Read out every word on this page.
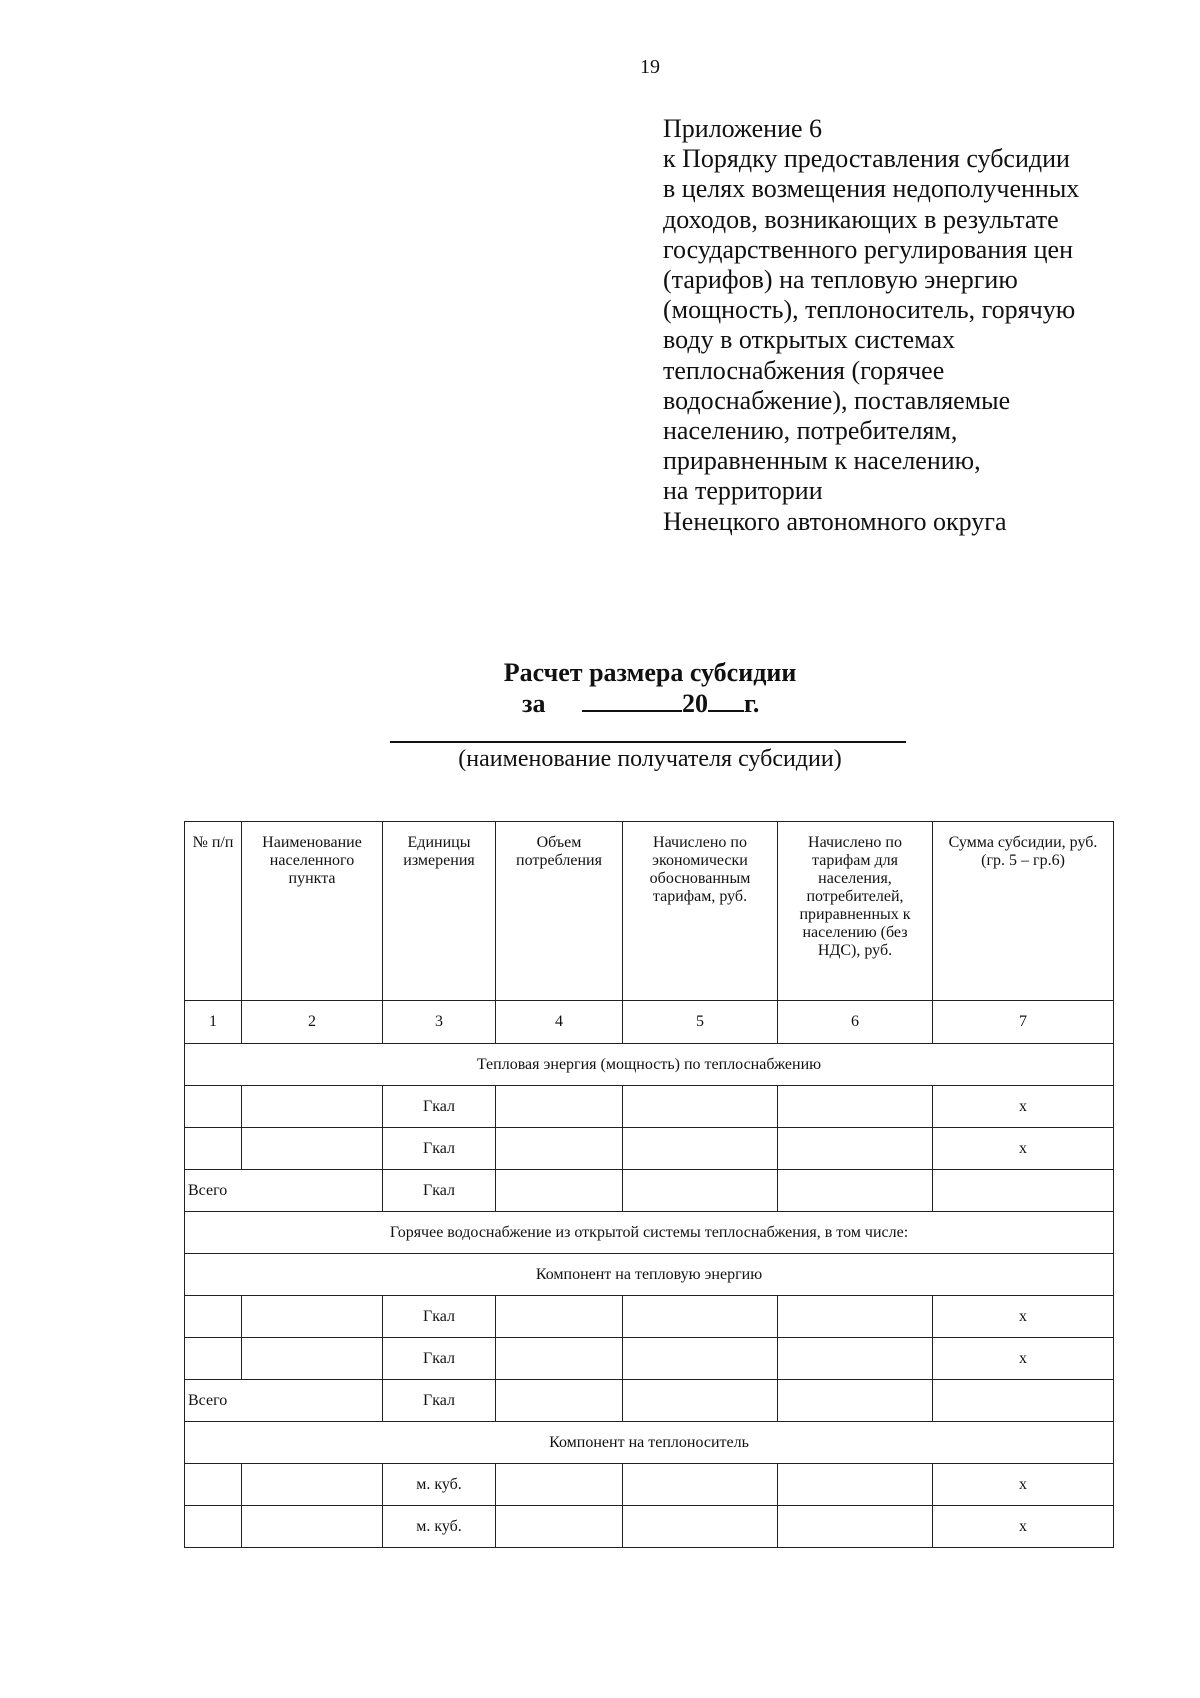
19
Приложение 6
к Порядку предоставления субсидии
в целях возмещения недополученных
доходов, возникающих в результате
государственного регулирования цен
(тарифов) на тепловую энергию
(мощность), теплоноситель, горячую
воду в открытых системах
теплоснабжения (горячее
водоснабжение), поставляемые
населению, потребителям,
приравненным к населению,
на территории
Ненецкого автономного округа
Расчет размера субсидии
за	20 г.
(наименование получателя субсидии)
№ п/п	Наименование населенного пункта	Единицы измерения	Объем потребления	Начислено по экономически обоснованным тарифам, руб.	Начислено по тарифам для населения, потребителей, приравненных к населению (без НДС), руб.	Сумма субсидии, руб. (гр. 5 – гр.6)
1	2	3	4	5	6	7
Тепловая энергия (мощность) по теплоснабжению						
		Гкал				x
		Гкал				x
Всего		Гкал				
Горячее водоснабжение из открытой системы теплоснабжения, в том числе:						
Компонент на тепловую энергию						
		Гкал				x
		Гкал				x
Всего		Гкал				
Компонент на теплоноситель						
		м. куб.				x
		м. куб.				x
